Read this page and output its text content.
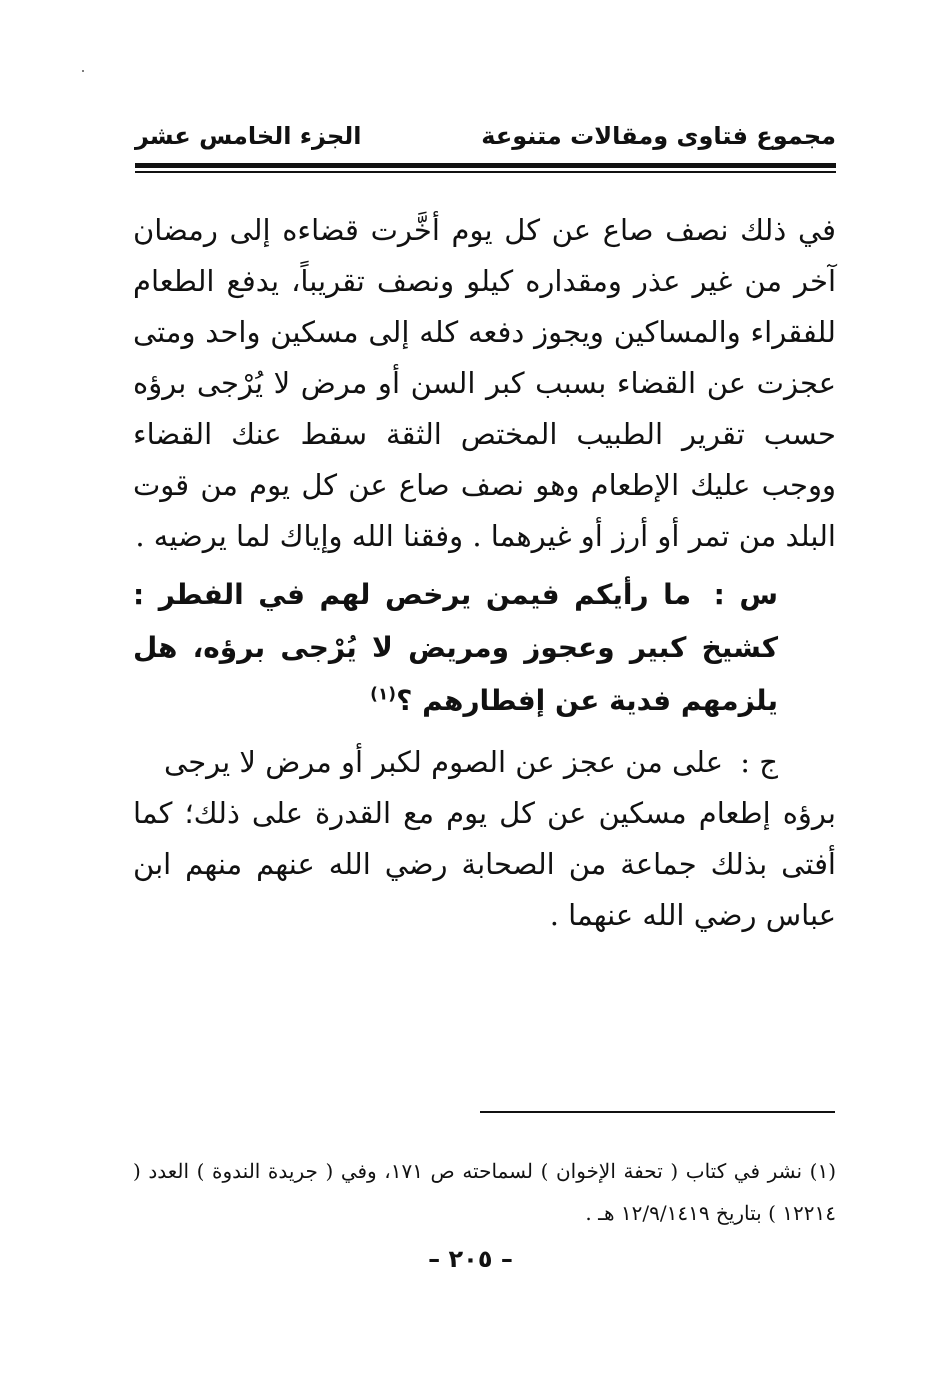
مجموع فتاوى ومقالات متنوعة
الجزء الخامس عشر

في ذلك نصف صاع عن كل يوم أخَّرت قضاءه إلى رمضان آخر من غير عذر ومقداره كيلو ونصف تقريباً، يدفع الطعام للفقراء والمساكين ويجوز دفعه كله إلى مسكين واحد ومتى عجزت عن القضاء بسبب كبر السن أو مرض لا يُرْجى برؤه حسب تقرير الطبيب المختص الثقة سقط عنك القضاء ووجب عليك الإطعام وهو نصف صاع عن كل يوم من قوت البلد من تمر أو أرز أو غيرهما . وفقنا الله وإياك لما يرضيه .

س : ما رأيكم فيمن يرخص لهم في الفطر : كشيخ كبير وعجوز ومريض لا يُرْجى برؤه، هل يلزمهم فدية عن إفطارهم ؟$^{(١)}$

ج : على من عجز عن الصوم لكبر أو مرض لا يرجى
برؤه إطعام مسكين عن كل يوم مع القدرة على ذلك؛ كما أفتى بذلك جماعة من الصحابة رضي الله عنهم منهم ابن عباس رضي الله عنهما .

(١) نشر في كتاب ( تحفة الإخوان ) لسماحته ص ١٧١، وفي ( جريدة الندوة ) العدد ( ١٢٢١٤ ) بتاريخ ١٢/٩/١٤١٩ هـ .
– ٢٠٥ –
